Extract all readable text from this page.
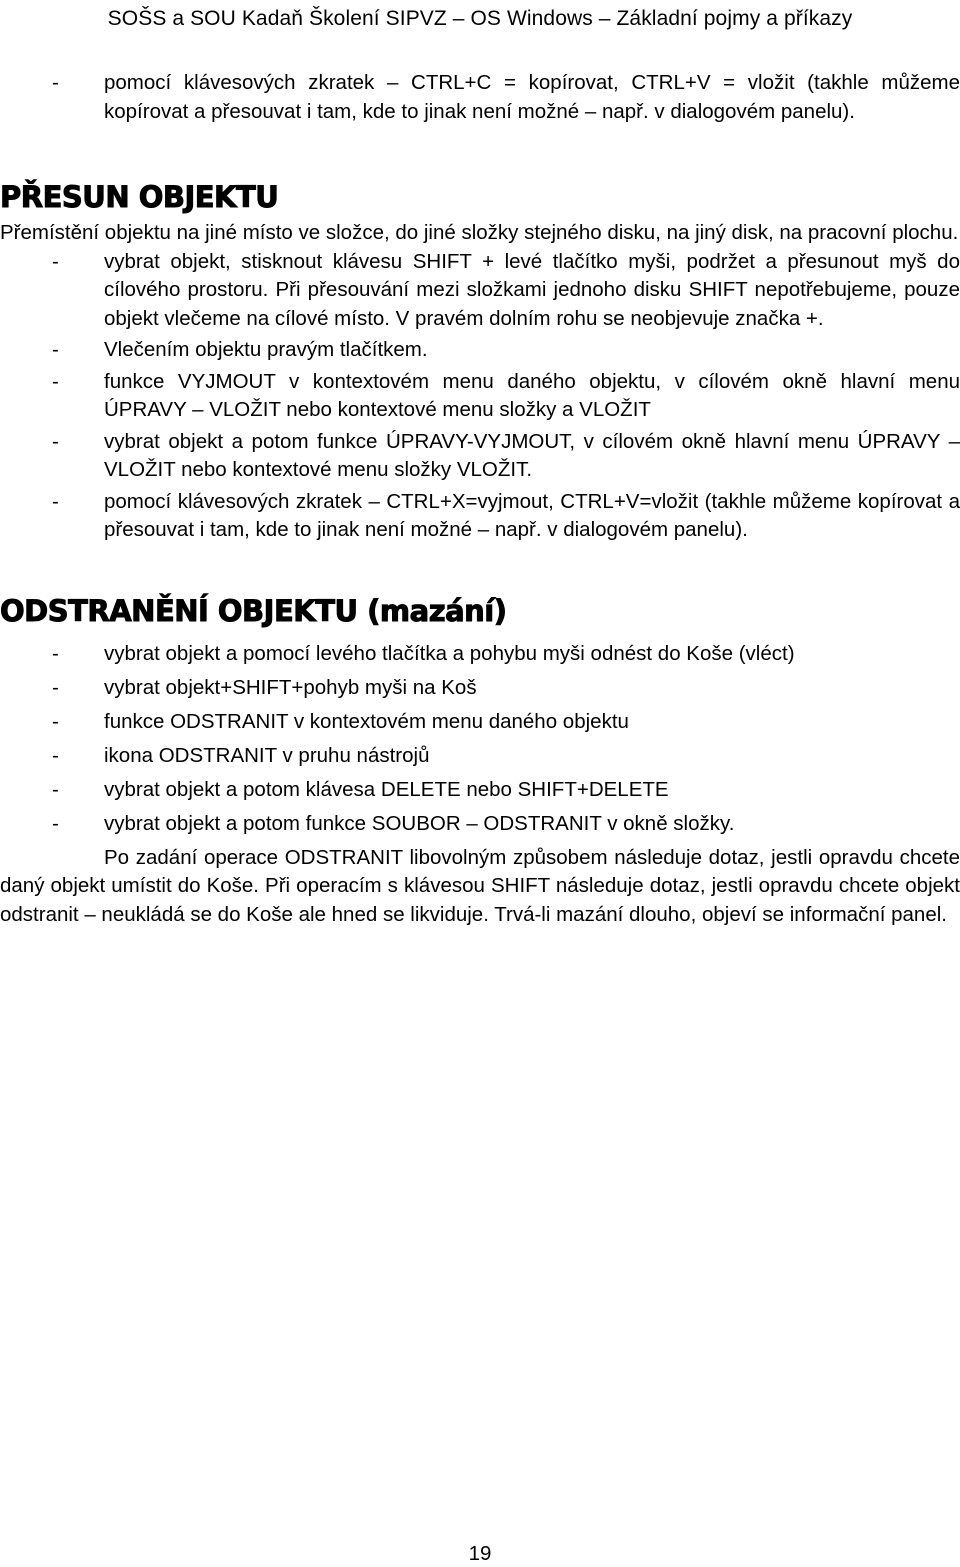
SOŠS a SOU Kadaň Školení SIPVZ – OS Windows – Základní pojmy a příkazy
- pomocí klávesových zkratek – CTRL+C = kopírovat, CTRL+V = vložit (takhle můžeme kopírovat a přesouvat i tam, kde to jinak není možné – např. v dialogovém panelu).
PŘESUN OBJEKTU

Přemístění objektu na jiné místo ve složce, do jiné složky stejného disku, na jiný disk, na pracovní plochu.

- vybrat objekt, stisknout klávesu SHIFT + levé tlačítko myši, podržet a přesunout myš do cílového prostoru. Při přesouvání mezi složkami jednoho disku SHIFT nepotřebujeme, pouze objekt vlečeme na cílové místo. V pravém dolním rohu se neobjevuje značka +.
- Vlečením objektu pravým tlačítkem.
- funkce VYJMOUT v kontextovém menu daného objektu, v cílovém okně hlavní menu ÚPRAVY – VLOŽIT nebo kontextové menu složky a VLOŽIT
- vybrat objekt a potom funkce ÚPRAVY-VYJMOUT, v cílovém okně hlavní menu ÚPRAVY – VLOŽIT nebo kontextové menu složky VLOŽIT.
- pomocí klávesových zkratek – CTRL+X=vyjmout, CTRL+V=vložit (takhle můžeme kopírovat a přesouvat i tam, kde to jinak není možné – např. v dialogovém panelu).
ODSTRANĚNÍ OBJEKTU (mazání)
- vybrat objekt a pomocí levého tlačítka a pohybu myši odnést do Koše (vléct)
- vybrat objekt+SHIFT+pohyb myši na Koš
- funkce ODSTRANIT v kontextovém menu daného objektu
- ikona ODSTRANIT v pruhu nástrojů
- vybrat objekt a potom klávesa DELETE nebo SHIFT+DELETE
- vybrat objekt a potom funkce SOUBOR – ODSTRANIT v okně složky.

Po zadání operace ODSTRANIT libovolným způsobem následuje dotaz, jestli opravdu chcete daný objekt umístit do Koše. Při operacím s klávesou SHIFT následuje dotaz, jestli opravdu chcete objekt odstranit – neukládá se do Koše ale hned se likviduje. Trvá-li mazání dlouho, objeví se informační panel.

19
